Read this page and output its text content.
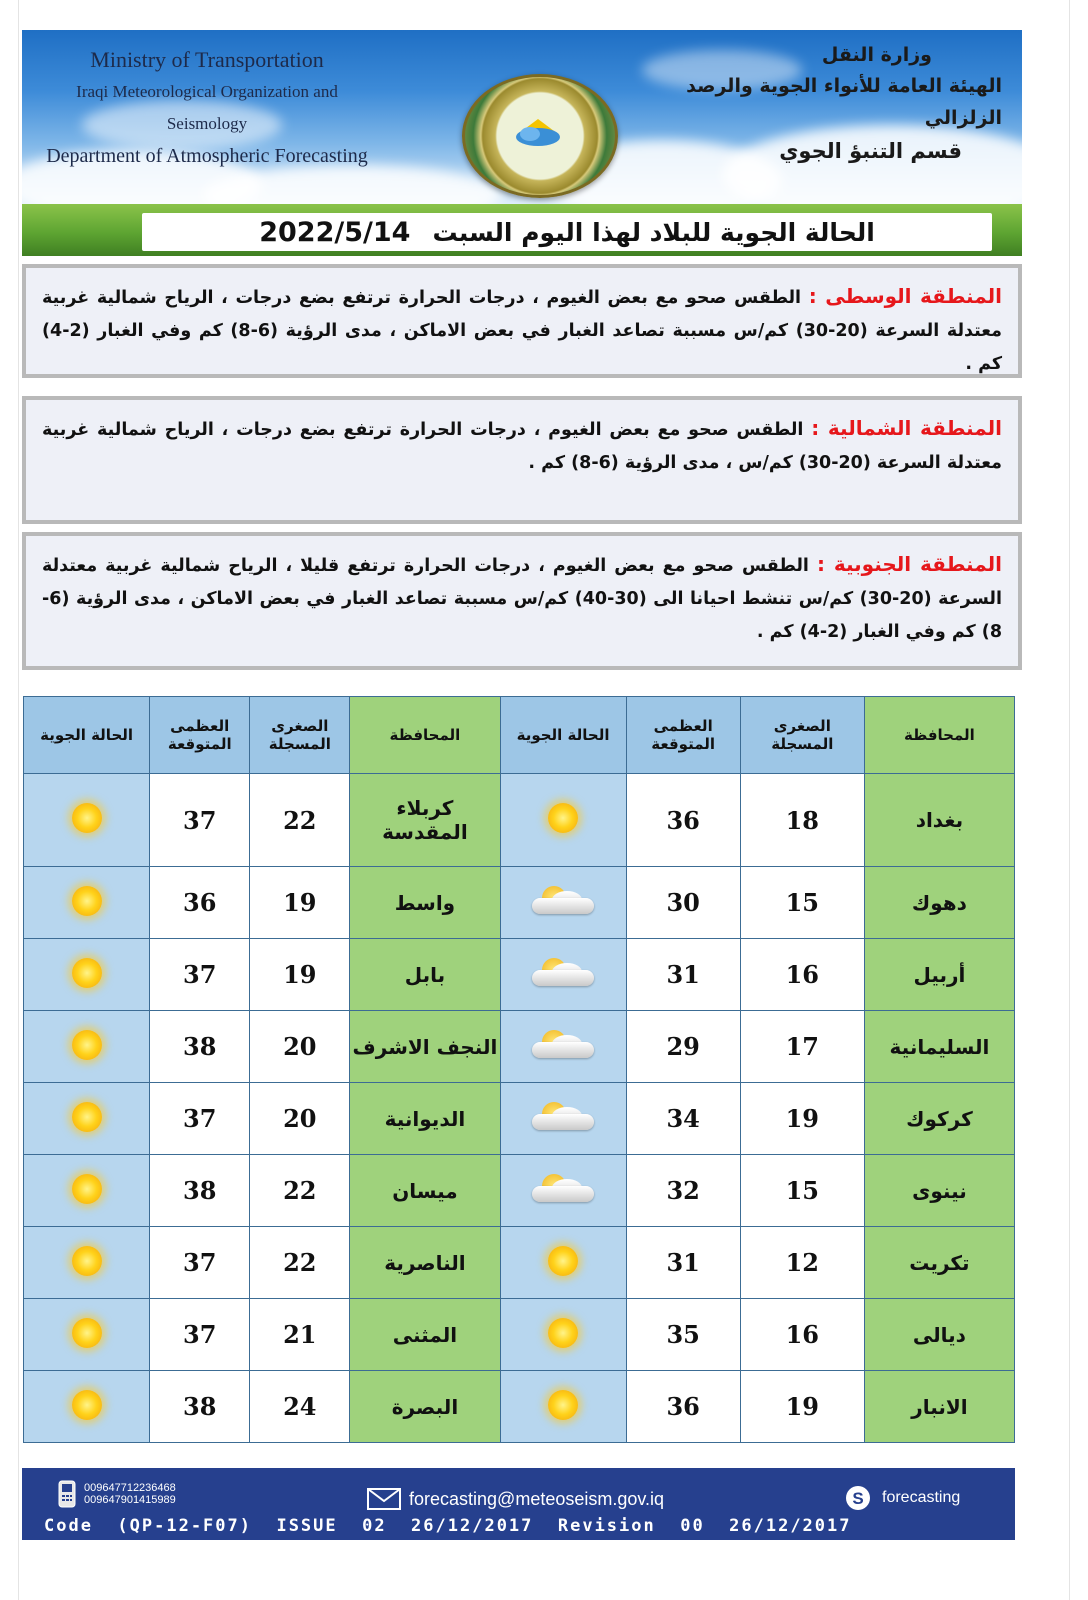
Ministry of Transportation
Iraqi Meteorological Organization and Seismology
Department of Atmospheric Forecasting
وزارة النقل
الهيئة العامة للأنواء الجوية والرصد الزلزالي
قسم التنبؤ الجوي
الحالة الجوية للبلاد لهذا اليوم السبت
2022/5/14

المنطقة الوسطى : الطقس صحو مع بعض الغيوم ، درجات الحرارة ترتفع بضع درجات ، الرياح شمالية غربية معتدلة السرعة (20-30) كم/س مسببة تصاعد الغبار في بعض الاماكن ، مدى الرؤية (6-8) كم وفي الغبار (2-4) كم .

المنطقة الشمالية : الطقس صحو مع بعض الغيوم ، درجات الحرارة ترتفع بضع درجات ، الرياح شمالية غربية معتدلة السرعة (20-30) كم/س ، مدى الرؤية (6-8) كم .

المنطقة الجنوبية : الطقس صحو مع بعض الغيوم ، درجات الحرارة ترتفع قليلا ، الرياح شمالية غربية معتدلة السرعة (20-30) كم/س تنشط احيانا الى (30-40) كم/س مسببة تصاعد الغبار في بعض الاماكن ، مدى الرؤية (6-8) كم وفي الغبار (2-4) كم .

المحافظة	الصغرى المسجلة	العظمى المتوقعة	الحالة الجوية	المحافظة	الصغرى المسجلة	العظمى المتوقعة	الحالة الجوية
بغداد	18	36		كربلاء المقدسة	22	37	
دهوك	15	30		واسط	19	36	
أربيل	16	31		بابل	19	37	
السليمانية	17	29		النجف الاشرف	20	38	
كركوك	19	34		الديوانية	20	37	
نينوى	15	32		ميسان	22	38	
تكريت	12	31		الناصرية	22	37	
ديالى	16	35		المثنى	21	37	
الانبار	19	36		البصرة	24	38	
009647712236468
009647901415989	forecasting@meteoseism.gov.iq	S forecasting
Code  (QP-12-F07)  ISSUE  02  26/12/2017  Revision  00  26/12/2017
